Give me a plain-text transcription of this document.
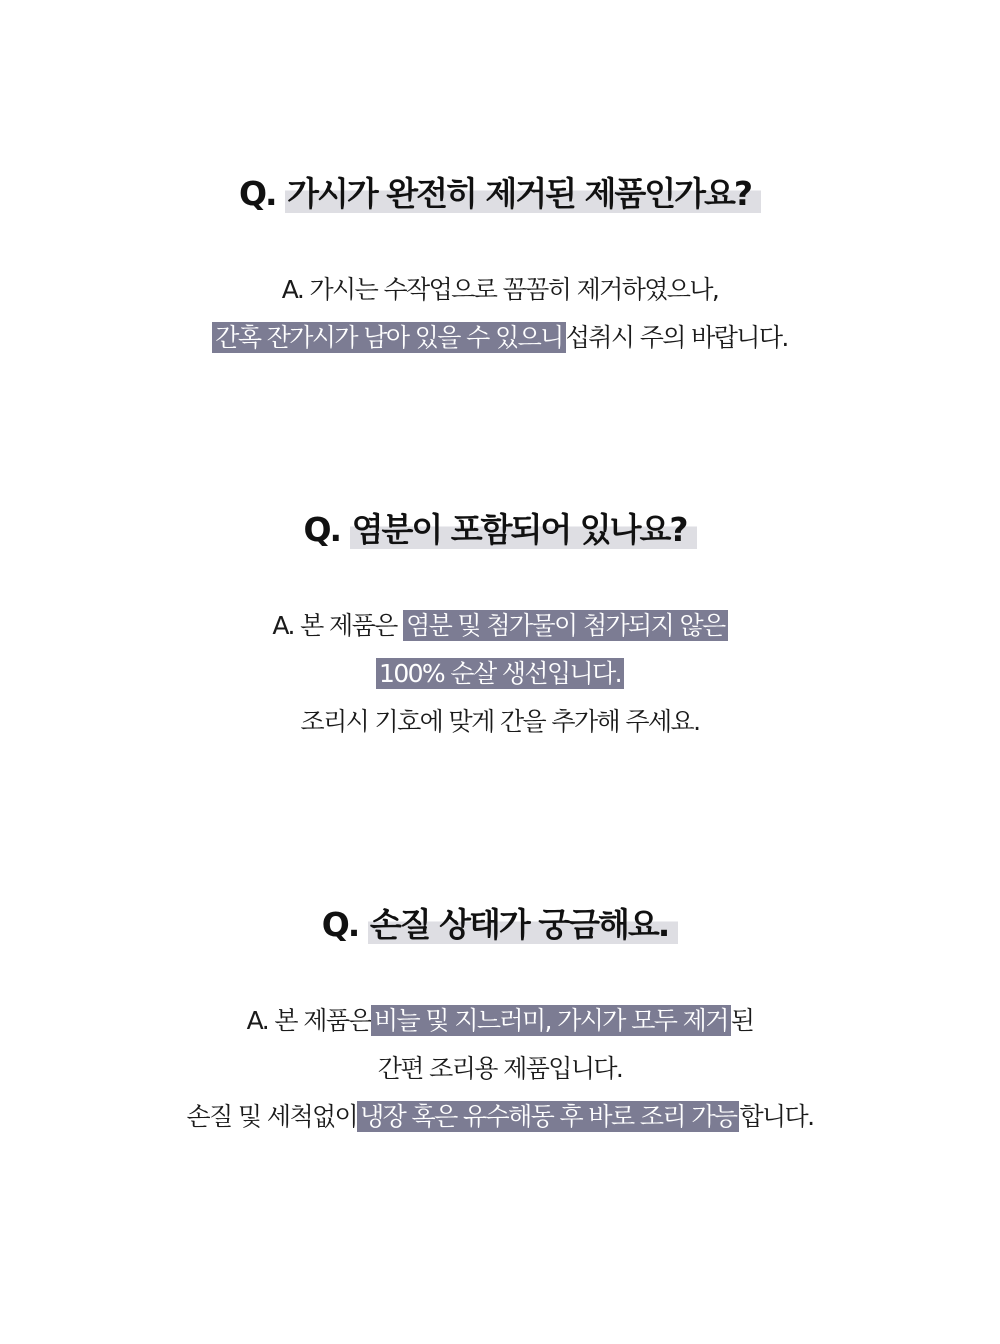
Q. 가시가 완전히 제거된 제품인가요?
A. 가시는 수작업으로 꼼꼼히 제거하였으나,
간혹 잔가시가 남아 있을 수 있으니 섭취시 주의 바랍니다.
Q. 염분이 포함되어 있나요?
A. 본 제품은 염분 및 첨가물이 첨가되지 않은
100% 순살 생선입니다.
조리시 기호에 맞게 간을 추가해 주세요.
Q. 손질 상태가 궁금해요.
A. 본 제품은 비늘 및 지느러미, 가시가 모두 제거 된
간편 조리용 제품입니다.
손질 및 세척없이 냉장 혹은 유수해동 후 바로 조리 가능 합니다.
